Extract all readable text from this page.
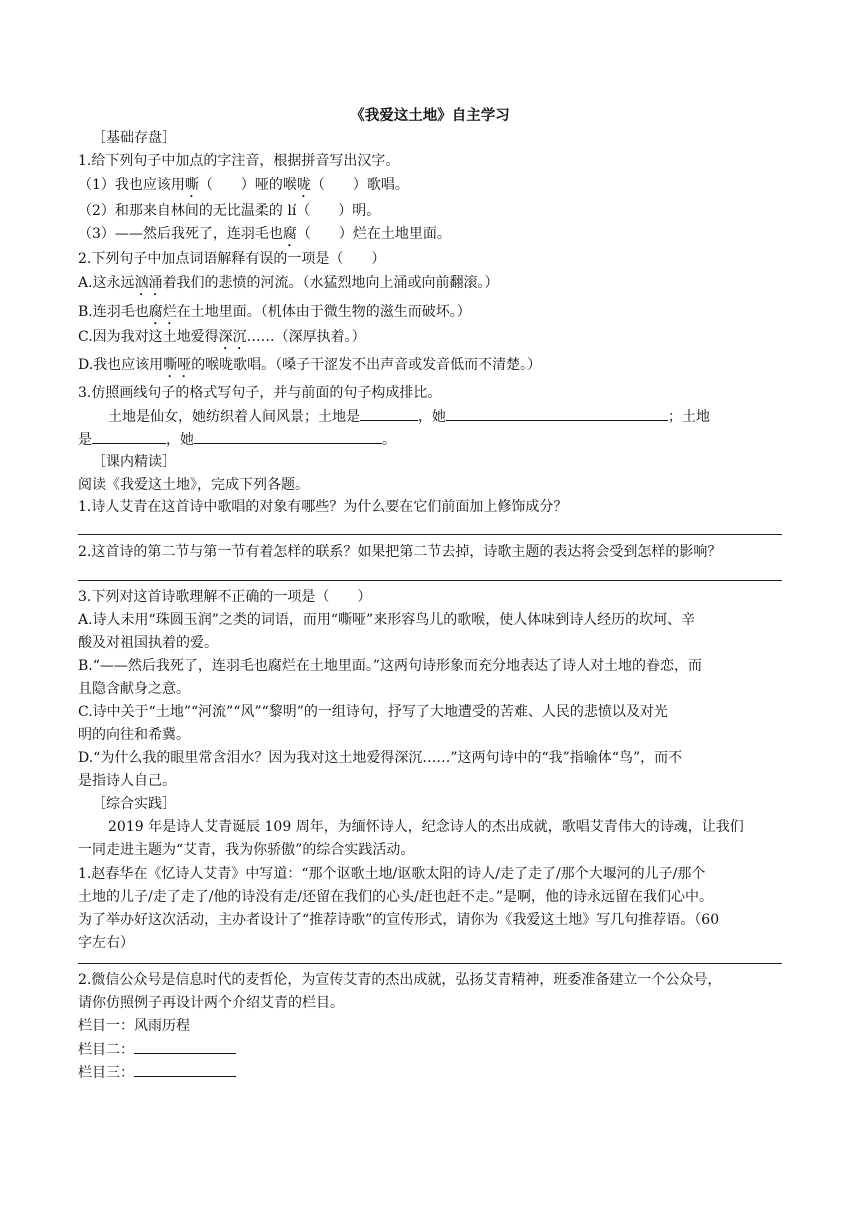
《我爱这土地》自主学习
［基础存盘］
1.给下列句子中加点的字注音，根据拼音写出汉字。
（1）我也应该用嘶（　　）哑的喉咙（　　）歌唱。
（2）和那来自林间的无比温柔的 lí（　　）明。
（3）——然后我死了，连羽毛也腐（　　）烂在土地里面。
2.下列句子中加点词语解释有误的一项是（　　）
A.这永远汹涌着我们的悲愤的河流。（水猛烈地向上涌或向前翻滚。）
B.连羽毛也腐烂在土地里面。（机体由于微生物的滋生而破坏。）
C.因为我对这土地爱得深沉……（深厚执着。）
D.我也应该用嘶哑的喉咙歌唱。（嗓子干涩发不出声音或发音低而不清楚。）
3.仿照画线句子的格式写句子，并与前面的句子构成排比。
土地是仙女，她纺织着人间风景；土地是	，她	；土地
是	，她	。
［课内精读］
阅读《我爱这土地》，完成下列各题。
1.诗人艾青在这首诗中歌唱的对象有哪些？为什么要在它们前面加上修饰成分？
2.这首诗的第二节与第一节有着怎样的联系？如果把第二节去掉，诗歌主题的表达将会受到怎样的影响？
3.下列对这首诗歌理解不正确的一项是（　　）
A.诗人未用“珠圆玉润”之类的词语，而用“嘶哑”来形容鸟儿的歌喉，使人体味到诗人经历的坎坷、辛
酸及对祖国执着的爱。
B.“——然后我死了，连羽毛也腐烂在土地里面。”这两句诗形象而充分地表达了诗人对土地的眷恋，而
且隐含献身之意。
C.诗中关于“土地”“河流”“风”“黎明”的一组诗句，抒写了大地遭受的苦难、人民的悲愤以及对光
明的向往和希冀。
D.“为什么我的眼里常含泪水？因为我对这土地爱得深沉……”这两句诗中的“我”指喻体“鸟”，而不
是指诗人自己。
［综合实践］
2019 年是诗人艾青诞辰 109 周年，为缅怀诗人，纪念诗人的杰出成就，歌唱艾青伟大的诗魂，让我们
一同走进主题为“艾青，我为你骄傲”的综合实践活动。
1.赵春华在《忆诗人艾青》中写道：“那个讴歌土地/讴歌太阳的诗人/走了走了/那个大堰河的儿子/那个
土地的儿子/走了走了/他的诗没有走/还留在我们的心头/赶也赶不走。”是啊，他的诗永远留在我们心中。
为了举办好这次活动，主办者设计了“推荐诗歌”的宣传形式，请你为《我爱这土地》写几句推荐语。（60
字左右）
2.微信公众号是信息时代的麦哲伦，为宣传艾青的杰出成就，弘扬艾青精神，班委准备建立一个公众号，
请你仿照例子再设计两个介绍艾青的栏目。
栏目一：风雨历程
栏目二：
栏目三：
